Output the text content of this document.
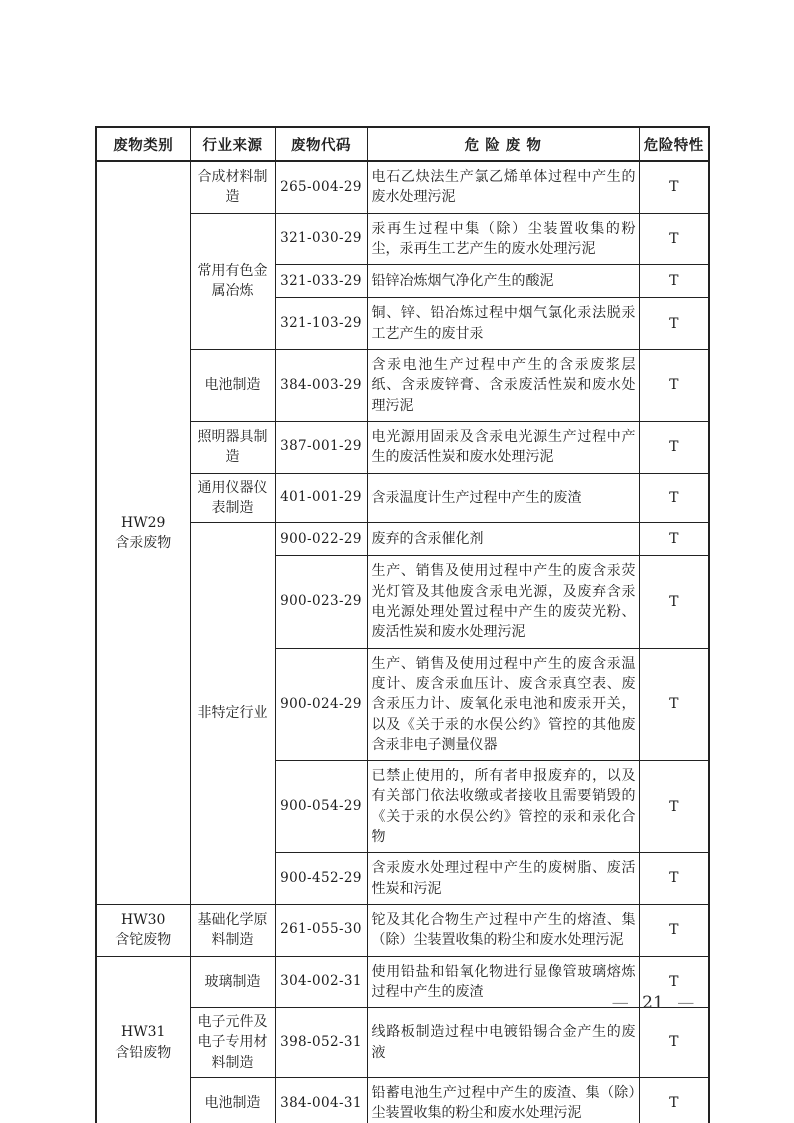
废物类别	行业来源	废物代码	危 险 废 物	危险特性
HW29
含汞废物	合成材料制造	265-004-29	电石乙炔法生产氯乙烯单体过程中产生的废水处理污泥	T
	常用有色金属冶炼	321-030-29	汞再生过程中集（除）尘装置收集的粉尘，汞再生工艺产生的废水处理污泥	T
		321-033-29	铅锌冶炼烟气净化产生的酸泥	T
		321-103-29	铜、锌、铅冶炼过程中烟气氯化汞法脱汞工艺产生的废甘汞	T
	电池制造	384-003-29	含汞电池生产过程中产生的含汞废浆层纸、含汞废锌膏、含汞废活性炭和废水处理污泥	T
	照明器具制造	387-001-29	电光源用固汞及含汞电光源生产过程中产生的废活性炭和废水处理污泥	T
	通用仪器仪表制造	401-001-29	含汞温度计生产过程中产生的废渣	T
	非特定行业	900-022-29	废弃的含汞催化剂	T
		900-023-29	生产、销售及使用过程中产生的废含汞荧光灯管及其他废含汞电光源，及废弃含汞电光源处理处置过程中产生的废荧光粉、废活性炭和废水处理污泥	T
		900-024-29	生产、销售及使用过程中产生的废含汞温度计、废含汞血压计、废含汞真空表、废含汞压力计、废氧化汞电池和废汞开关，以及《关于汞的水俣公约》管控的其他废含汞非电子测量仪器	T
		900-054-29	已禁止使用的，所有者申报废弃的，以及有关部门依法收缴或者接收且需要销毁的《关于汞的水俣公约》管控的汞和汞化合物	T
		900-452-29	含汞废水处理过程中产生的废树脂、废活性炭和污泥	T
HW30
含铊废物	基础化学原料制造	261-055-30	铊及其化合物生产过程中产生的熔渣、集（除）尘装置收集的粉尘和废水处理污泥	T
HW31
含铅废物	玻璃制造	304-002-31	使用铅盐和铅氧化物进行显像管玻璃熔炼过程中产生的废渣	T
	电子元件及电子专用材料制造	398-052-31	线路板制造过程中电镀铅锡合金产生的废液	T
	电池制造	384-004-31	铅蓄电池生产过程中产生的废渣、集（除）尘装置收集的粉尘和废水处理污泥	T
— 21 —
